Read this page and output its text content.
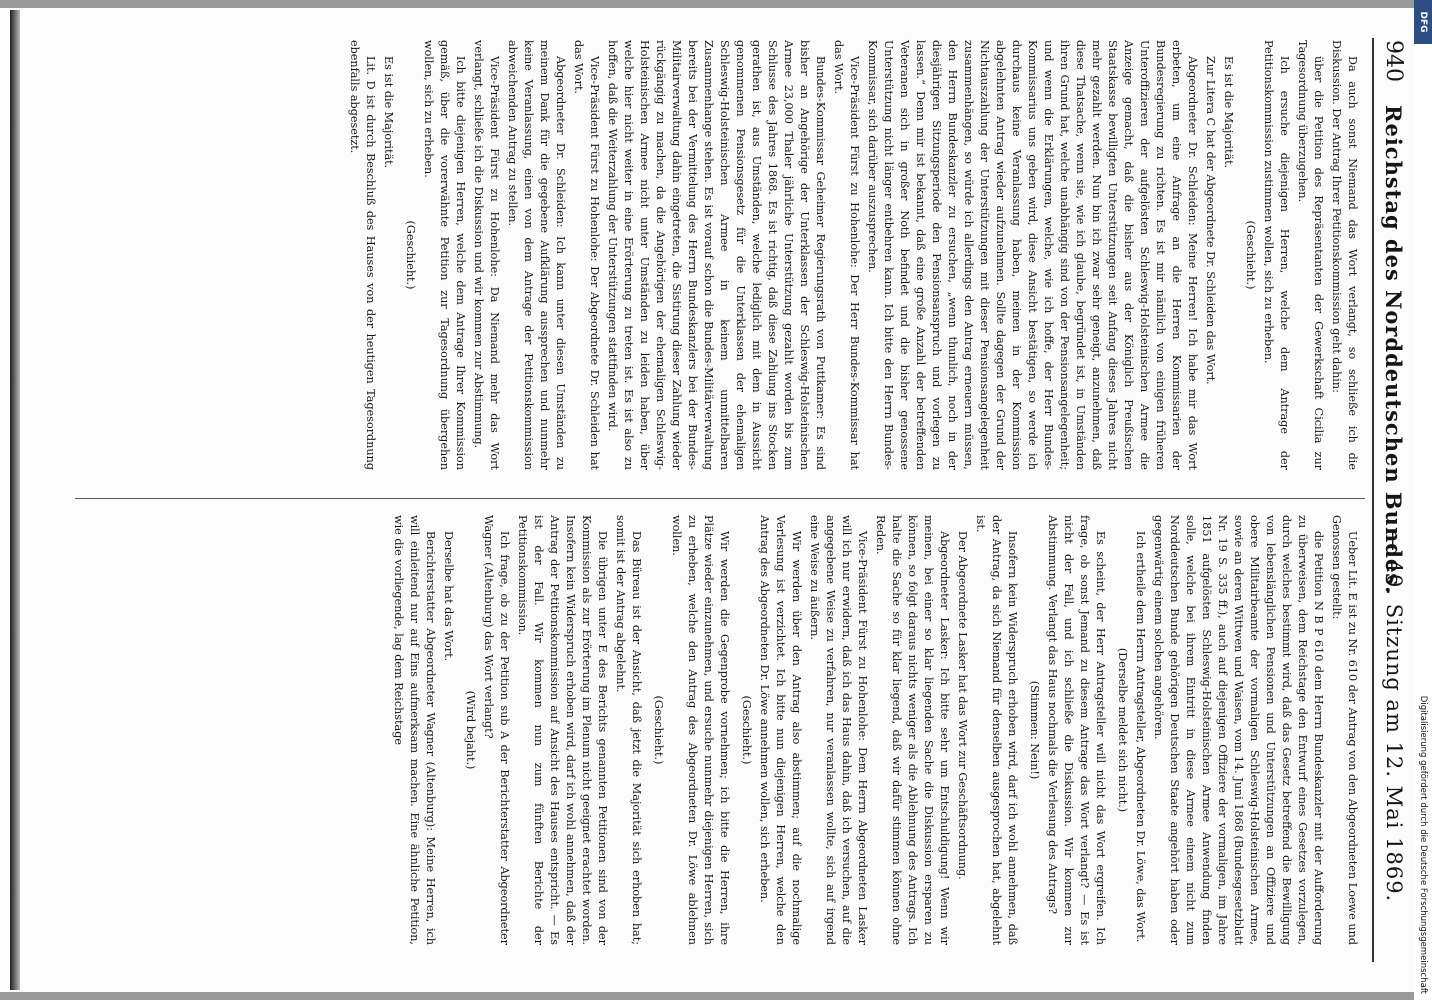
940
Reichstag des Norddeutschen Bundes.
— 40. Sitzung am 12. Mai 1869.

Da auch sonst Niemand das Wort verlangt, so schließe ich die Diskussion. Der Antrag Ihrer Petitionskommission geht dahin:

über die Petition des Repräsentanten der Gewerkschaft Cicilia zur Tagesordnung überzugehen.

Ich ersuche diejenigen Herren, welche dem Antrage der Petitionskommission zustimmen wollen, sich zu erheben.

(Geschieht.)

Es ist die Majorität.

Zur Litera C hat der Abgeordnete Dr. Schleiden das Wort.

Abgeordneter Dr. Schleiden: Meine Herren! Ich habe mir das Wort erbeten, um eine Anfrage an die Herren Kommissarien der Bundesregierung zu richten. Es ist mir nämlich von einigen früheren Unteroffizieren der aufgelösten Schleswig-Holsteinischen Armee die Anzeige gemacht, daß die bisher aus der Königlich Preußischen Staatskasse bewilligten Unterstützungen seit Anfang dieses Jahres nicht mehr gezahlt werden. Nun bin ich zwar sehr geneigt, anzunehmen, daß diese Thatsache, wenn sie, wie ich glaube, begründet ist, in Umständen ihren Grund hat, welche unabhängig sind von der Pensionsangelegenheit; und wenn die Erklärungen, welche, wie ich hoffe, der Herr Bundes-Kommissarius uns geben wird, diese Ansicht bestätigen, so werde ich durchaus keine Veranlassung haben, meinen in der Kommission abgelehnten Antrag wieder aufzunehmen. Sollte dagegen der Grund der Nichtauszahlung der Unterstützungen mit dieser Pensionsangelegenheit zusammenhängen, so würde ich allerdings den Antrag erneuern müssen, den Herrn Bundeskanzler zu ersuchen, „wenn thunlich, noch in der diesjährigen Sitzungsperiode den Pensionsanspruch und vorlegen zu lassen.“ Denn mir ist bekannt, daß eine große Anzahl der betreffenden Veteranen sich in großer Noth befindet und die bisher genossene Unterstützung nicht länger entbehren kann. Ich bitte den Herrn Bundes-Kommissar, sich darüber auszusprechen.

Vice-Präsident Fürst zu Hohenlohe: Der Herr Bundes-Kommissar hat das Wort.

Bundes-Kommissar Geheimer Regierungsrath von Puttkamer: Es sind bisher an Angehörige der Unterklassen der Schleswig-Holsteinischen Armee 23,000 Thaler jährliche Unterstützung gezahlt worden bis zum Schlusse des Jahres 1868. Es ist richtig, daß diese Zahlung ins Stocken gerathen ist, aus Umständen, welche lediglich mit dem in Aussicht genommenen Pensionsgesetz für die Unterklassen der ehemaligen Schleswig-Holsteinischen Armee in keinem unmittelbaren Zusammenhange stehen. Es ist vorauf schon die Bundes-Militärverwaltung bereits bei der Vermittelung des Herrn Bundeskanzlers bei der Bundes-Militairverwaltung dahin eingetreten, die Sistirung dieser Zahlung wieder rückgängig zu machen, da die Angehörigen der ehemaligen Schleswig-Holsteinischen Armee nicht unter Umständen zu leiden haben, über welche hier nicht weiter in eine Erörterung zu treten ist. Es ist also zu hoffen, daß die Weiterzahlung der Unterstützungen stattfinden wird.

Vice-Präsident Fürst zu Hohenlohe: Der Abgeordnete Dr. Schleiden hat das Wort.

Abgeordneter Dr. Schleiden: Ich kann unter diesen Umständen zu meinem Dank für die gegebene Aufklärung aussprechen und nunmehr keine Veranlassung, einen von dem Antrage der Petitionskommission abweichenden Antrag zu stellen.

Vice-Präsident Fürst zu Hohenlohe: Da Niemand mehr das Wort verlangt, schließe ich die Diskussion und wir kommen zur Abstimmung.

Ich bitte diejenigen Herren, welche dem Antrage Ihrer Kommission gemäß, über die vorerwähnte Petition zur Tagesordnung übergehen wollen, sich zu erheben.

(Geschieht.)

Es ist die Majorität.

Lit. D ist durch Beschluß des Hauses von der heutigen Tagesordnung ebenfalls abgesetzt.

Ueber Lit. E ist zu Nr. 610 der Antrag von den Abgeordneten Loewe und Genossen gestellt:

die Petition N B P 610 dem Herrn Bundeskanzler mit der Aufforderung zu überweisen, dem Reichstage den Entwurf eines Gesetzes vorzulegen, durch welches bestimmt wird, daß das Gesetz betreffend die Bewilligung von lebenslänglichen Pensionen und Unterstützungen an Offiziere und obere Militairbeamte der vormaligen Schleswig-Holsteinischen Armee, sowie an deren Wittwen und Waisen, vom 14. Juni 1868 (Bundesgesetzblatt Nr. 19 S. 335 ff.), auch auf diejenigen Offiziere der vormaligen, im Jahre 1851 aufgelösten Schleswig-Holsteinischen Armee Anwendung finden solle, welche bei ihrem Eintritt in diese Armee einem nicht zum Norddeutschen Bunde gehörigen Deutschen Staate angehört haben oder gegenwärtig einem solchen angehören.

Ich ertheile dem Herrn Antragsteller, Abgeordneten Dr. Löwe, das Wort.

(Derselbe meldet sich nicht.)

Es scheint, der Herr Antragsteller will nicht das Wort ergreifen. Ich frage, ob sonst Jemand zu diesem Antrage das Wort verlangt? — Es ist nicht der Fall, und ich schließe die Diskussion. Wir kommen zur Abstimmung. Verlangt das Haus nochmals die Verlesung des Antrags?

(Stimmen: Nein!)

Insofern kein Widerspruch erhoben wird, darf ich wohl annehmen, daß der Antrag, da sich Niemand für denselben ausgesprochen hat, abgelehnt ist.

Der Abgeordnete Lasker hat das Wort zur Geschäftsordnung.

Abgeordneter Lasker: Ich bitte sehr um Entschuldigung! Wenn wir meinen, bei einer so klar liegenden Sache die Diskussion ersparen zu können, so folgt daraus nichts weniger als die Ablehnung des Antrags. Ich halte die Sache so für klar liegend, daß wir dafür stimmen können ohne Reden.

Vice-Präsident Fürst zu Hohenlohe: Dem Herrn Abgeordneten Lasker will ich nur erwidern, daß ich das Haus dahin, daß ich versuchen, auf die angegebene Weise zu verfahren, nur veranlassen wollte, sich auf irgend eine Weise zu äußern.

Wir werden über den Antrag also abstimmen; auf die nochmalige Verlesung ist verzichtet. Ich bitte nun diejenigen Herren, welche den Antrag des Abgeordneten Dr. Löwe annehmen wollen, sich erheben.

(Geschieht.)

Wir werden die Gegenprobe vornehmen; ich bitte die Herren, ihre Plätze wieder einzunehmen, und ersuche nunmehr diejenigen Herren, sich zu erheben, welche den Antrag des Abgeordneten Dr. Löwe ablehnen wollen.

(Geschieht.)

Das Büreau ist der Ansicht, daß jetzt die Majorität sich erhoben hat; somit ist der Antrag abgelehnt.

Die übrigen unter E des Berichts genannten Petitionen sind von der Kommission als zur Erörterung im Plenum nicht geeignet erachtet worden. Insofern kein Widerspruch erhoben wird, darf ich wohl annehmen, daß der Antrag der Petitionskommission auf Ansicht des Hauses entspricht. — Es ist der Fall. Wir kommen nun zum fünften Berichte der Petitionskommission.

Ich frage, ob zu der Petition sub A der Berichterstatter Abgeordneter Wagner (Altenburg) das Wort verlangt?

(Wird bejaht.)

Derselbe hat das Wort.

Berichterstatter Abgeordneter Wagner (Altenburg): Meine Herren, ich will einleitend nur auf Eins aufmerksam machen. Eine ähnliche Petition, wie die vorliegende, lag dem Reichstage

Digitalisierung gefördert durch die Deutsche Forschungsgemeinschaft
DFG
